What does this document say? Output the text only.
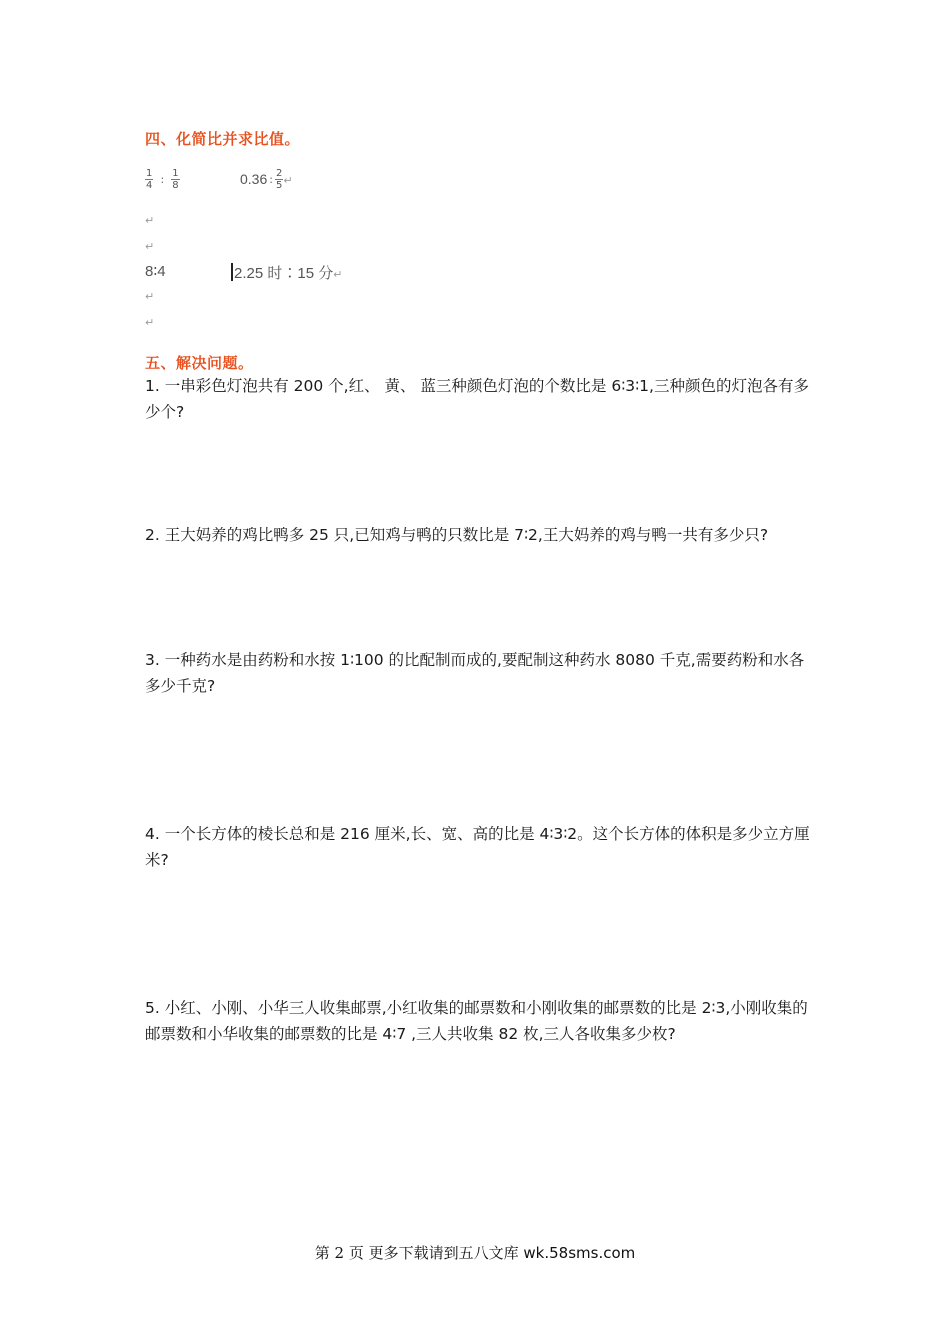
四、化简比并求比值。
$\frac{1}{4}$ : $\frac{1}{8}$	0.36 : $\frac{2}{5}$ ↵
↵
↵
8∶4	2.25 时∶15 分↵
↵
↵
五、解决问题。
1. 一串彩色灯泡共有 200 个,红、 黄、 蓝三种颜色灯泡的个数比是 6∶3∶1,三种颜色的灯泡各有多少个?
2. 王大妈养的鸡比鸭多 25 只,已知鸡与鸭的只数比是 7∶2,王大妈养的鸡与鸭一共有多少只?
3. 一种药水是由药粉和水按 1∶100 的比配制而成的,要配制这种药水 8080 千克,需要药粉和水各多少千克?
4. 一个长方体的棱长总和是 216 厘米,长、宽、高的比是 4∶3∶2。这个长方体的体积是多少立方厘米?
5. 小红、小刚、小华三人收集邮票,小红收集的邮票数和小刚收集的邮票数的比是 2∶3,小刚收集的邮票数和小华收集的邮票数的比是 4∶7 ,三人共收集 82 枚,三人各收集多少枚?
第 2 页 更多下载请到五八文库 wk.58sms.com
